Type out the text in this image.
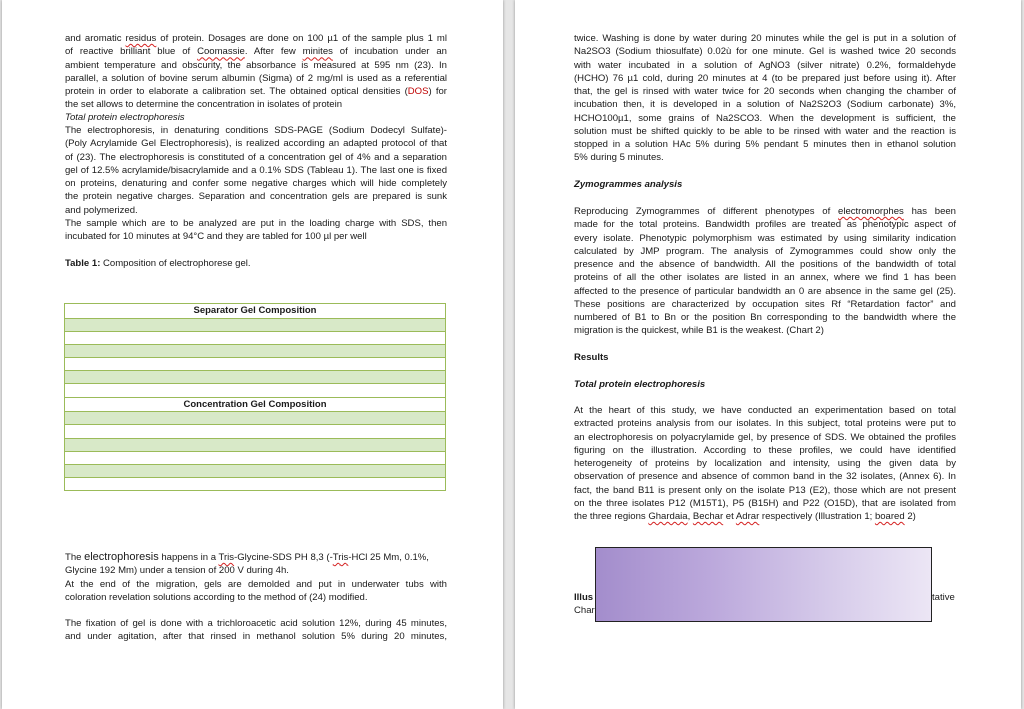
and aromatic residus of protein. Dosages are done on 100 µ1 of the sample plus 1 ml
of reactive brilliant blue of Coomassie. After few minites of incubation under an
ambient temperature and obscurity, the absorbance is measured at 595 nm (23). In
parallel, a solution of bovine serum albumin (Sigma) of 2 mg/ml is used as a referential
protein in order to elaborate a calibration set. The obtained optical densities (DOS) for
the set allows to determine the concentration in isolates of protein

Total protein electrophoresis

The electrophoresis, in denaturing conditions SDS-PAGE (Sodium Dodecyl Sulfate)-
(Poly Acrylamide Gel Electrophoresis), is realized according an adapted protocol of that
of (23). The electrophoresis is constituted of a concentration gel of 4% and a separation
gel of 12.5% acrylamide/bisacrylamide and a 0.1% SDS (Tableau 1). The last one is fixed
on proteins, denaturing and confer some negative charges which will hide completely
the protein negative charges. Separation and concentration gels are prepared is sunk
and polymerized.

The sample which are to be analyzed are put in the loading charge with SDS, then
incubated for 10 minutes at 94°C and they are tabled for 100 µl per well

Table 1: Composition of electrophorese gel.

Separator Gel Composition

Concentration Gel Composition

The electrophoresis happens in a Tris-Glycine-SDS PH 8,3 (-Tris-HCl 25 Mm, 0.1%,
Glycine 192 Mm) under a tension of 200 V during 4h.
At the end of the migration, gels are demolded and put in underwater tubs with
coloration revelation solutions according to the method of (24) modified.

The fixation of gel is done with a trichloroacetic acid solution 12%, during 45 minutes,
and under agitation, after that rinsed in methanol solution 5% during 20 minutes,

twice. Washing is done by water during 20 minutes while the gel is put in a solution of
Na2SO3 (Sodium thiosulfate) 0.02ù for one minute. Gel is washed twice 20 seconds
with water incubated in a solution of AgNO3 (silver nitrate) 0.2%, formaldehyde
(HCHO) 76 µ1 cold, during 20 minutes at 4 (to be prepared just before using it). After
that, the gel is rinsed with water twice for 20 seconds when changing the chamber of
incubation then, it is developed in a solution of Na2S2O3 (Sodium carbonate) 3%,
HCHO100µ1, some grains of Na2SCO3. When the development is sufficient, the
solution must be shifted quickly to be able to be rinsed with water and the reaction is
stopped in a solution HAc 5% during 5% pendant 5 minutes then in ethanol solution
5% during 5 minutes.

Zymogrammes analysis

Reproducing Zymogrammes of different phenotypes of electromorphes has been
made for the total proteins. Bandwidth profiles are treated as phenotypic aspect of
every isolate. Phenotypic polymorphism was estimated by using similarity indication
calculated by JMP program. The analysis of Zymogrammes could show only the
presence and the absence of bandwidth. All the positions of the bandwidth of total
proteins of all the other isolates are listed in an annex, where we find 1 has been
affected to the presence of particular bandwidth an 0 are absence in the same gel (25).
These positions are characterized by occupation sites Rf “Retardation factor” and
numbered of B1 to Bn or the position Bn corresponding to the bandwidth where the
migration is the quickest, while B1 is the weakest. (Chart 2)

Results

Total protein electrophoresis

At the heart of this study, we have conducted an experimentation based on total
extracted proteins analysis from our isolates. In this subject, total proteins were put to
an electrophoresis on polyacrylamide gel, by presence of SDS. We obtained the profiles
figuring on the illustration. According to these profiles, we could have identified
heterogeneity of proteins by localization and intensity, using the given data by
observation of presence and absence of common band in the 32 isolates, (Annex 6). In
fact, the band B11 is present only on the isolate P13 (E2), those which are not present
on the three isolates P12 (M15T1), P5 (B15H) and P22 (O15D), that are isolated from
the three regions Ghardaia, Bechar et Adrar respectively (Illustration 1; boared 2)

Illus
Char
tative
